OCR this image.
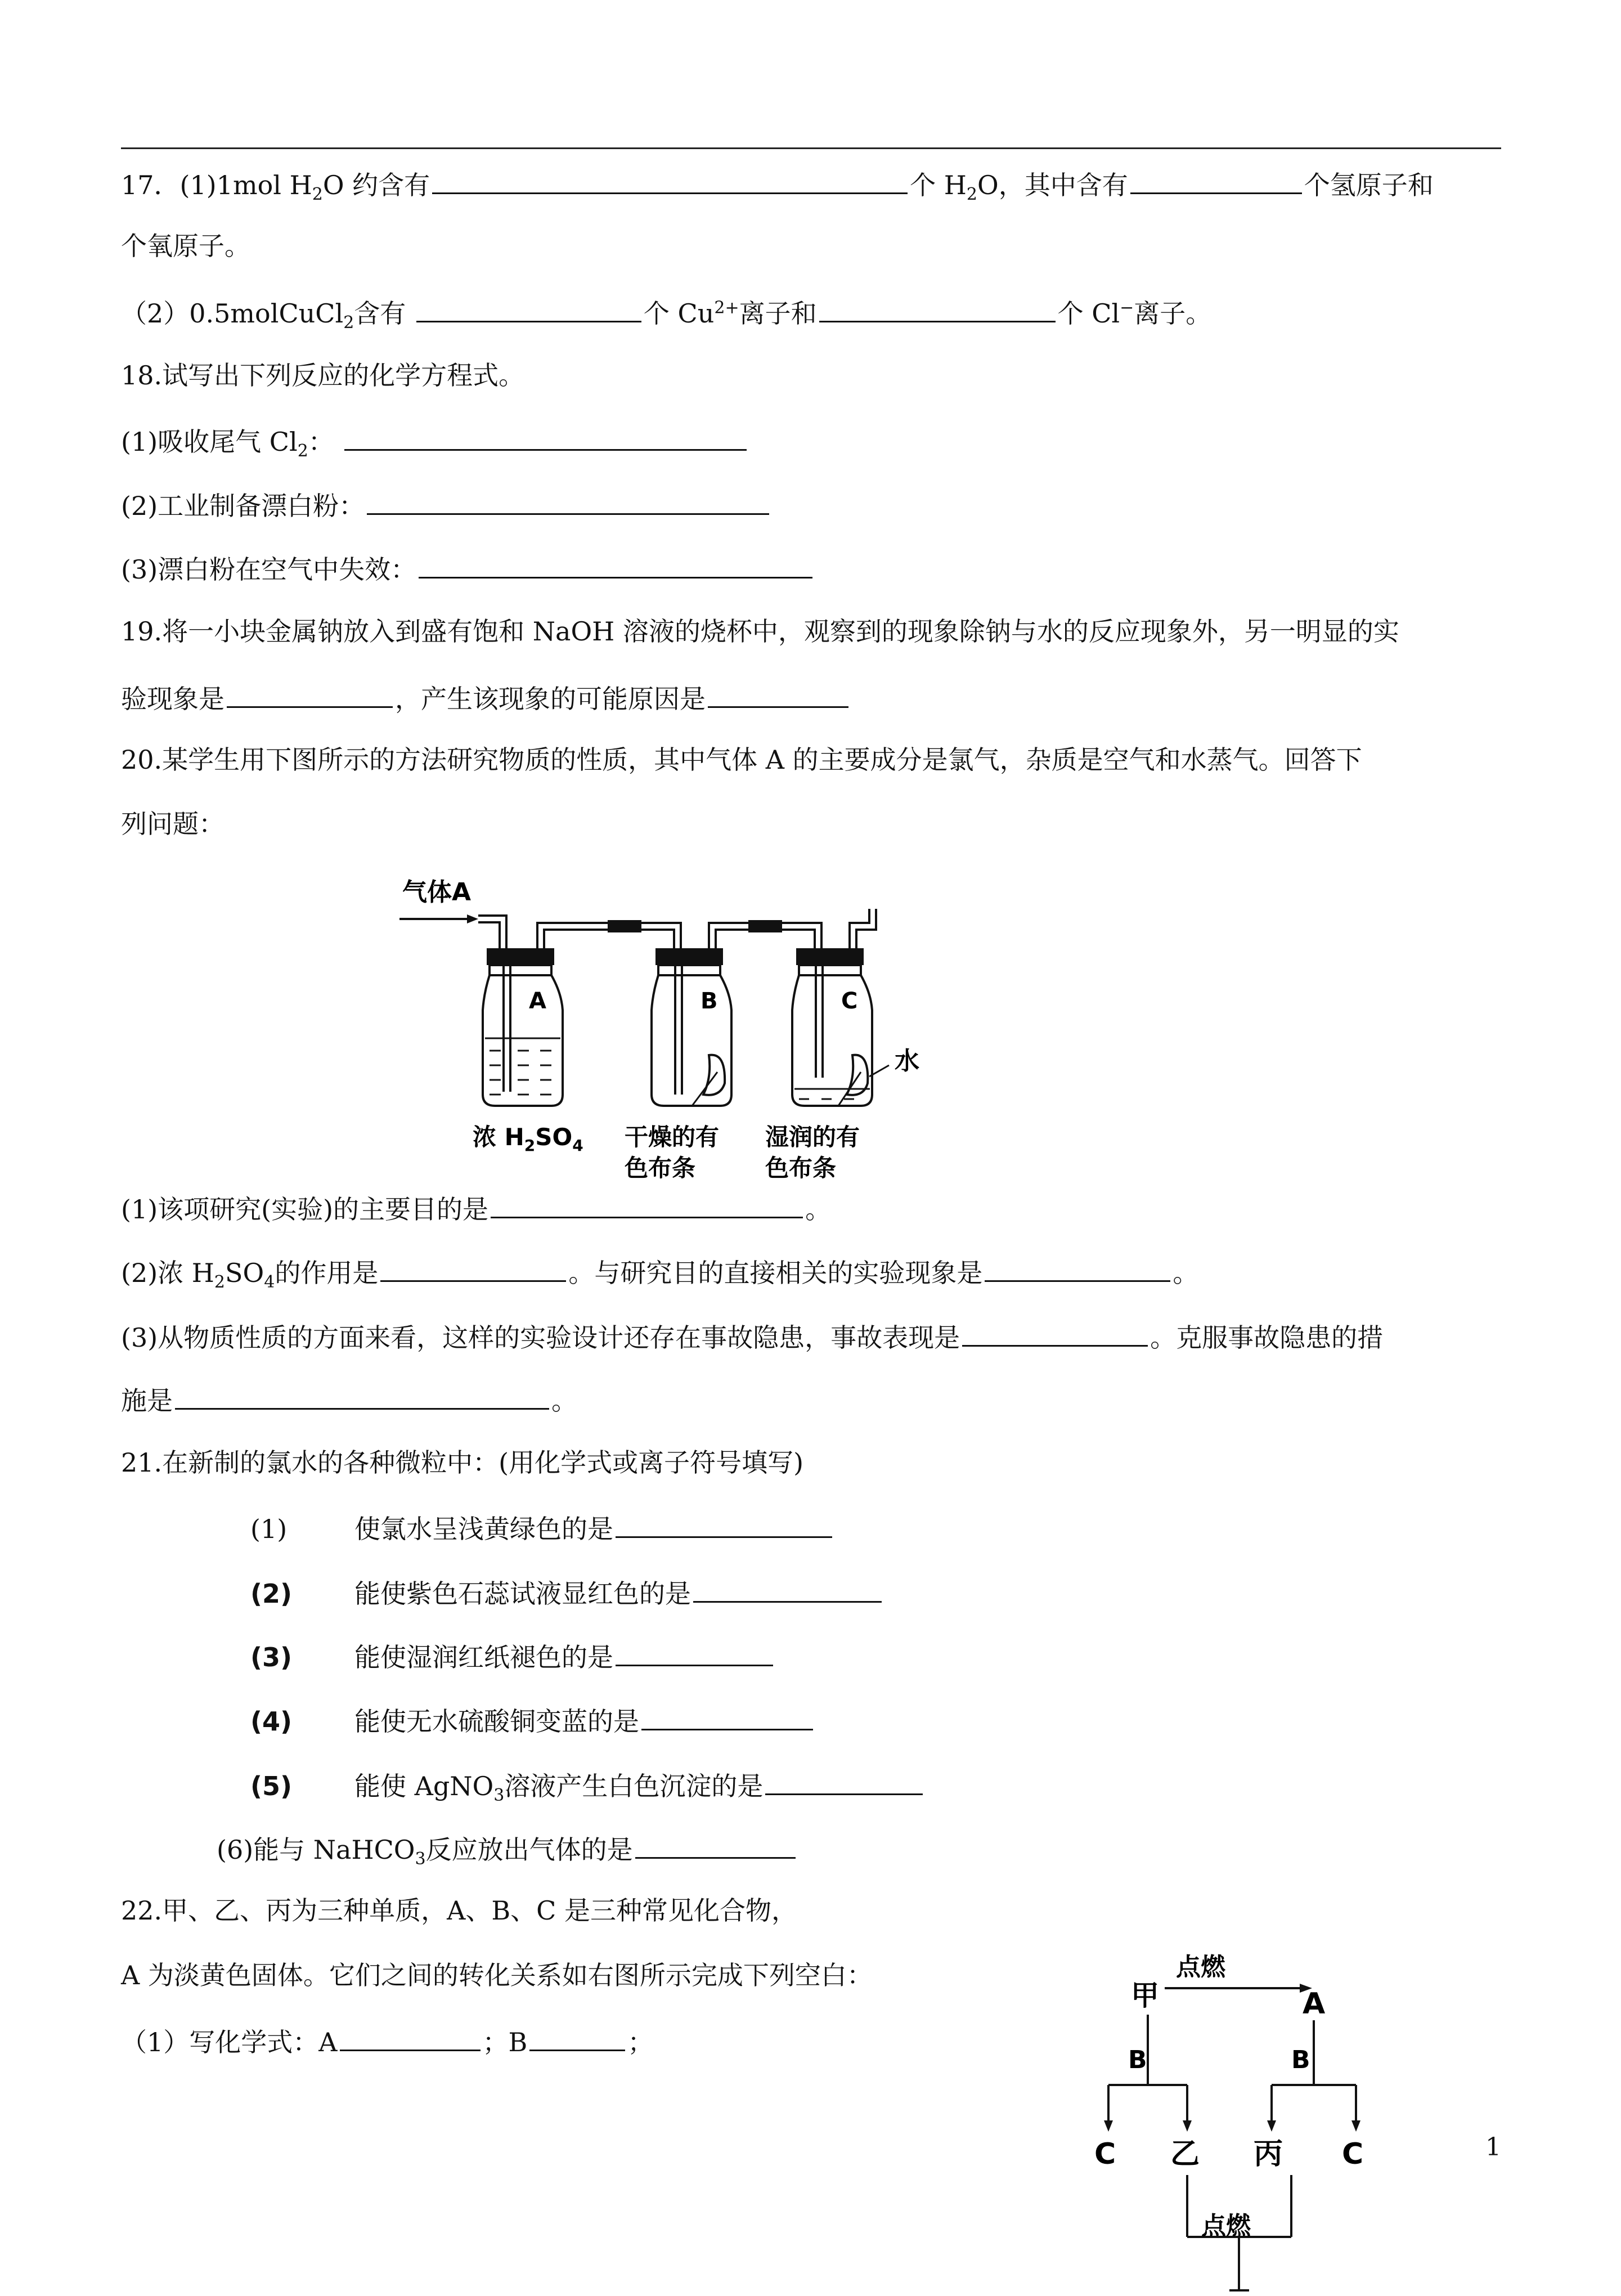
17．(1)1mol $H_2O$ 约含有	个 $H_2O$，其中含有	个氢原子和
个氧原子。
（2）0.5molCuCl$_2$含有	个 $Cu^{2+}$离子和	个 Cl−离子。
18.试写出下列反应的化学方程式。
(1)吸收尾气 $Cl_2$：
(2)工业制备漂白粉：
(3)漂白粉在空气中失效：
19.将一小块金属钠放入到盛有饱和 NaOH 溶液的烧杯中，观察到的现象除钠与水的反应现象外，另一明显的实
验现象是	，产生该现象的可能原因是
20.某学生用下图所示的方法研究物质的性质，其中气体 A 的主要成分是氯气，杂质是空气和水蒸气。回答下
列问题：
气体A
A	B	C
水
浓 $H_2SO_4$ 干燥的有
色布条
湿润的有
色布条
(1)该项研究(实验)的主要目的是	。
(2)浓 $H_2SO_4$的作用是	。与研究目的直接相关的实验现象是	。
(3)从物质性质的方面来看，这样的实验设计还存在事故隐患，事故表现是	。克服事故隐患的措
施是	。
21.在新制的氯水的各种微粒中：(用化学式或离子符号填写)
(1)	使氯水呈浅黄绿色的是
(2) 能使紫色石蕊试液显红色的是
(3) 能使湿润红纸褪色的是
(4) 能使无水硫酸铜变蓝的是
(5) 能使 AgNO$_3$溶液产生白色沉淀的是
(6)能与 NaHCO$_3$反应放出气体的是
22.甲、乙、丙为三种单质，A、B、C 是三种常见化合物，
A 为淡黄色固体。它们之间的转化关系如右图所示完成下列空白：
（1）写化学式：A	；B	；
甲
点燃
A
B	B
C 乙 丙 C
点燃
1
